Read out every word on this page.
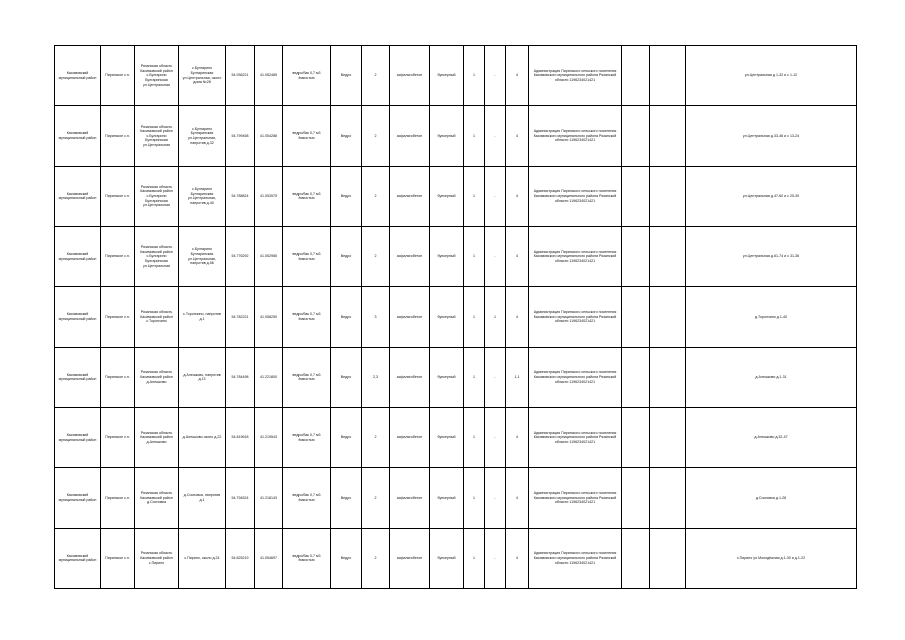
Касимовский муниципальный район	Пиринское с.п.	Рязанская область Касимовский район с.Булгарино Булгаринская ул.Центральная	с.Булгарино Булгаринская ул.Центральная, около дома №28	54.936221	41.052485	ведро/бак 0,7 м3 ёмкостью	Ведро	2	асфальтобетон	бункерный	1	-	4	Администрация Пиринского сельского поселения Касимовского муниципального района Рязанской области 1196234021421			ул.Центральная д 1-32 и с 1-12
Касимовский муниципальный район	Пиринское с.п.	Рязанская область Касимовский район с.Булгарино Булгаринская ул.Центральная	с.Булгарино Булгаринская ул.Центральная, напротив д.32	54.799458	41.054288	ведро/бак 0,7 м3 ёмкостью	Ведро	2	асфальтобетон	бункерный	1	-	4	Администрация Пиринского сельского поселения Касимовского муниципального района Рязанской области 1196234021421			ул.Центральная д.33-46 и с 13-24
Касимовский муниципальный район	Пиринское с.п.	Рязанская область Касимовский район с.Булгарино Булгаринская ул.Центральная	с.Булгарино Булгаринская ул.Центральная, напротив д.40	54.788824	41.053575	ведро/бак 0,7 м3 ёмкостью	Ведро	2	асфальтобетон	бункерный	1	-	4	Администрация Пиринского сельского поселения Касимовского муниципального района Рязанской области 1196234021421			ул.Центральная д.47-60 и с 25-30
Касимовский муниципальный район	Пиринское с.п.	Рязанская область Касимовский район с.Булгарино Булгаринская ул.Центральная	с.Булгарино Булгаринская ул.Центральная, напротив д.56	54.776292	41.052985	ведро/бак 0,7 м3 ёмкостью	Ведро	2	асфальтобетон	бункерный	1	-	4	Администрация Пиринского сельского поселения Касимовского муниципального района Рязанской области 1196234021421			ул.Центральная д.61-74 и с 31-36
Касимовский муниципальный район	Пиринское с.п.	Рязанская область Касимовский район с.Торопчино	с.Торопчино, напротив д.1	54.782221	41.058250	ведро/бак 0,7 м3 ёмкостью	Ведро	3	асфальтобетон	бункерный	1	1	4	Администрация Пиринского сельского поселения Касимовского муниципального района Рязанской области 1196234021421			д.Торопчино д.1-40
Касимовский муниципальный район	Пиринское с.п.	Рязанская область Касимовский район д.Алешково	д.Алешково, напротив д.13	54.784498	41.221800	ведро/бак 0,7 м3 ёмкостью	Ведро	2,3	асфальтобетон	бункерный	1	-	1,1	Администрация Пиринского сельского поселения Касимовского муниципального района Рязанской области 1196234021421			д.Алешково д.1-31
Касимовский муниципальный район	Пиринское с.п.	Рязанская область Касимовский район д.Алешково	д.Алешково около д.22	54.819618	41.219543	ведро/бак 0,7 м3 ёмкостью	Ведро	2	асфальтобетон	бункерный	1	-	4	Администрация Пиринского сельского поселения Касимовского муниципального района Рязанской области 1196234021421			д.Алешково д.32-47
Касимовский муниципальный район	Пиринское с.п.	Рязанская область Касимовский район д.Сосновка	д.Сосновка, напротив д.1	54.794524	41.218143	ведро/бак 0,7 м3 ёмкостью	Ведро	2	асфальтобетон	бункерный	1	-	4	Администрация Пиринского сельского поселения Касимовского муниципального района Рязанской области 1196234021421			д.Сосновка д.1-28
Касимовский муниципальный район	Пиринское с.п.	Рязанская область Касимовский район с.Пирино	с.Пирино, около д.24	54.825219	41.054697	ведро/бак 0,7 м3 ёмкостью	Ведро	2	асфальтобетон	бункерный	1	-	4	Администрация Пиринского сельского поселения Касимовского муниципального района Рязанской области 1196234021421			с.Пирино ул.Молодёжная д.1-30 и д.1-22
